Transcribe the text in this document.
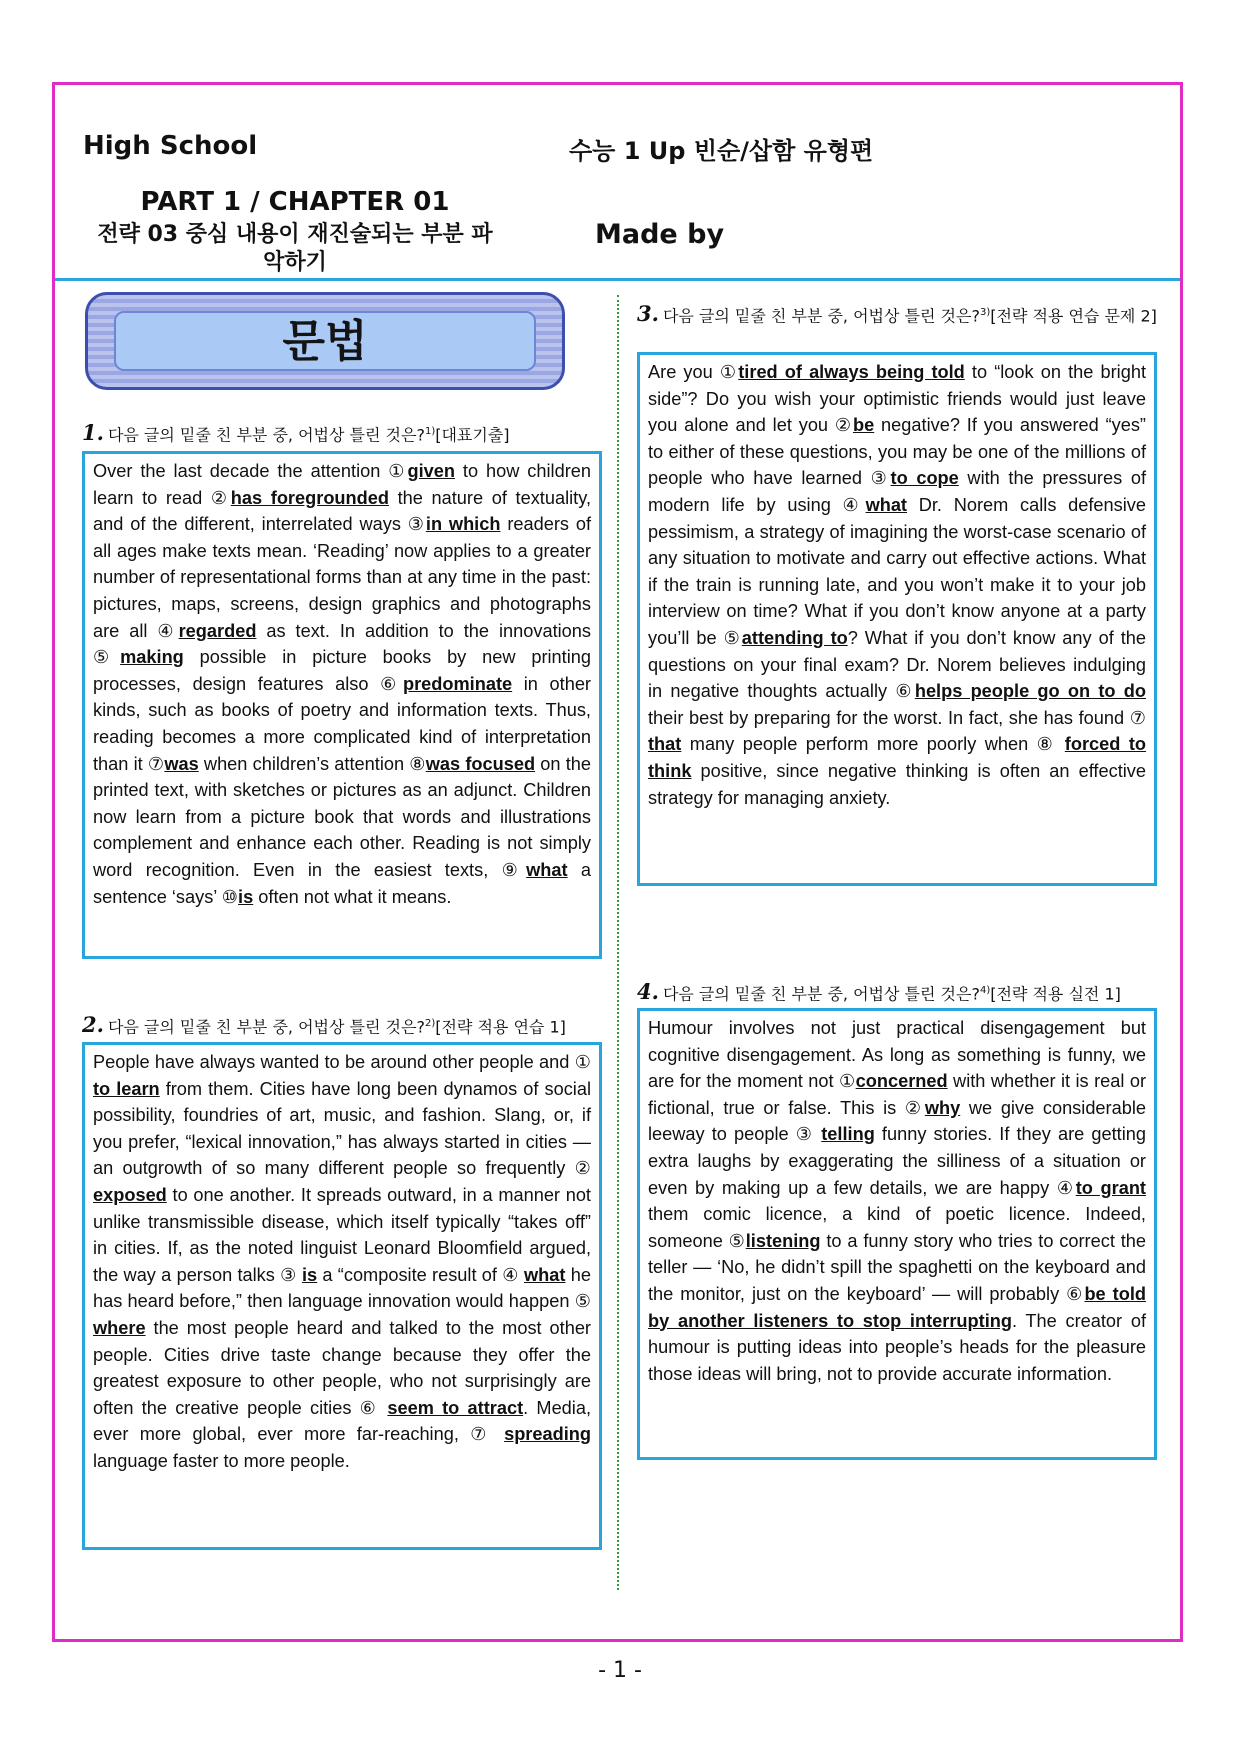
High School	수능 1 Up 빈순/삽함 유형편
PART 1 / CHAPTER 01
전략 03 중심 내용이 재진술되는 부분 파악하기
Made by
문법
1. 다음 글의 밑줄 친 부분 중, 어법상 틀린 것은?$^{1)}$[대표기출]
Over the last decade the attention ①given to how children learn to read ②has foregrounded the nature of textuality, and of the different, interrelated ways ③in which readers of all ages make texts mean. ‘Reading’ now applies to a greater number of representational forms than at any time in the past: pictures, maps, screens, design graphics and photographs are all ④regarded as text. In addition to the innovations ⑤making possible in picture books by new printing processes, design features also ⑥predominate in other kinds, such as books of poetry and information texts. Thus, reading becomes a more complicated kind of interpretation than it ⑦was when children’s attention ⑧was focused on the printed text, with sketches or pictures as an adjunct. Children now learn from a picture book that words and illustrations complement and enhance each other. Reading is not simply word recognition. Even in the easiest texts, ⑨what a sentence ‘says’ ⑩is often not what it means.
2. 다음 글의 밑줄 친 부분 중, 어법상 틀린 것은?$^{2)}$[전략 적용 연습 1]
People have always wanted to be around other people and ① to learn from them. Cities have long been dynamos of social possibility, foundries of art, music, and fashion. Slang, or, if you prefer, “lexical innovation,” has always started in cities — an outgrowth of so many different people so frequently ② exposed to one another. It spreads outward, in a manner not unlike transmissible disease, which itself typically “takes off” in cities. If, as the noted linguist Leonard Bloomfield argued, the way a person talks ③ is a “composite result of ④ what he has heard before,” then language innovation would happen ⑤ where the most people heard and talked to the most other people. Cities drive taste change because they offer the greatest exposure to other people, who not surprisingly are often the creative people cities ⑥ seem to attract. Media, ever more global, ever more far-reaching, ⑦ spreading language faster to more people.
3. 다음 글의 밑줄 친 부분 중, 어법상 틀린 것은?$^{3)}$[전략 적용 연습 문제 2]
Are you ①tired of always being told to “look on the bright side”? Do you wish your optimistic friends would just leave you alone and let you ②be negative? If you answered “yes” to either of these questions, you may be one of the millions of people who have learned ③to cope with the pressures of modern life by using ④what Dr. Norem calls defensive pessimism, a strategy of imagining the worst-case scenario of any situation to motivate and carry out effective actions. What if the train is running late, and you won’t make it to your job interview on time? What if you don’t know anyone at a party you’ll be ⑤attending to? What if you don’t know any of the questions on your final exam? Dr. Norem believes indulging in negative thoughts actually ⑥helps people go on to do their best by preparing for the worst. In fact, she has found ⑦ that many people perform more poorly when ⑧ forced to think positive, since negative thinking is often an effective strategy for managing anxiety.
4. 다음 글의 밑줄 친 부분 중, 어법상 틀린 것은?$^{4)}$[전략 적용 실전 1]
Humour involves not just practical disengagement but cognitive disengagement. As long as something is funny, we are for the moment not ①concerned with whether it is real or fictional, true or false. This is ②why we give considerable leeway to people ③ telling funny stories. If they are getting extra laughs by exaggerating the silliness of a situation or even by making up a few details, we are happy ④to grant them comic licence, a kind of poetic licence. Indeed, someone ⑤listening to a funny story who tries to correct the teller — ‘No, he didn’t spill the spaghetti on the keyboard and the monitor, just on the keyboard’ — will probably ⑥be told by another listeners to stop interrupting. The creator of humour is putting ideas into people’s heads for the pleasure those ideas will bring, not to provide accurate information.
- 1 -
